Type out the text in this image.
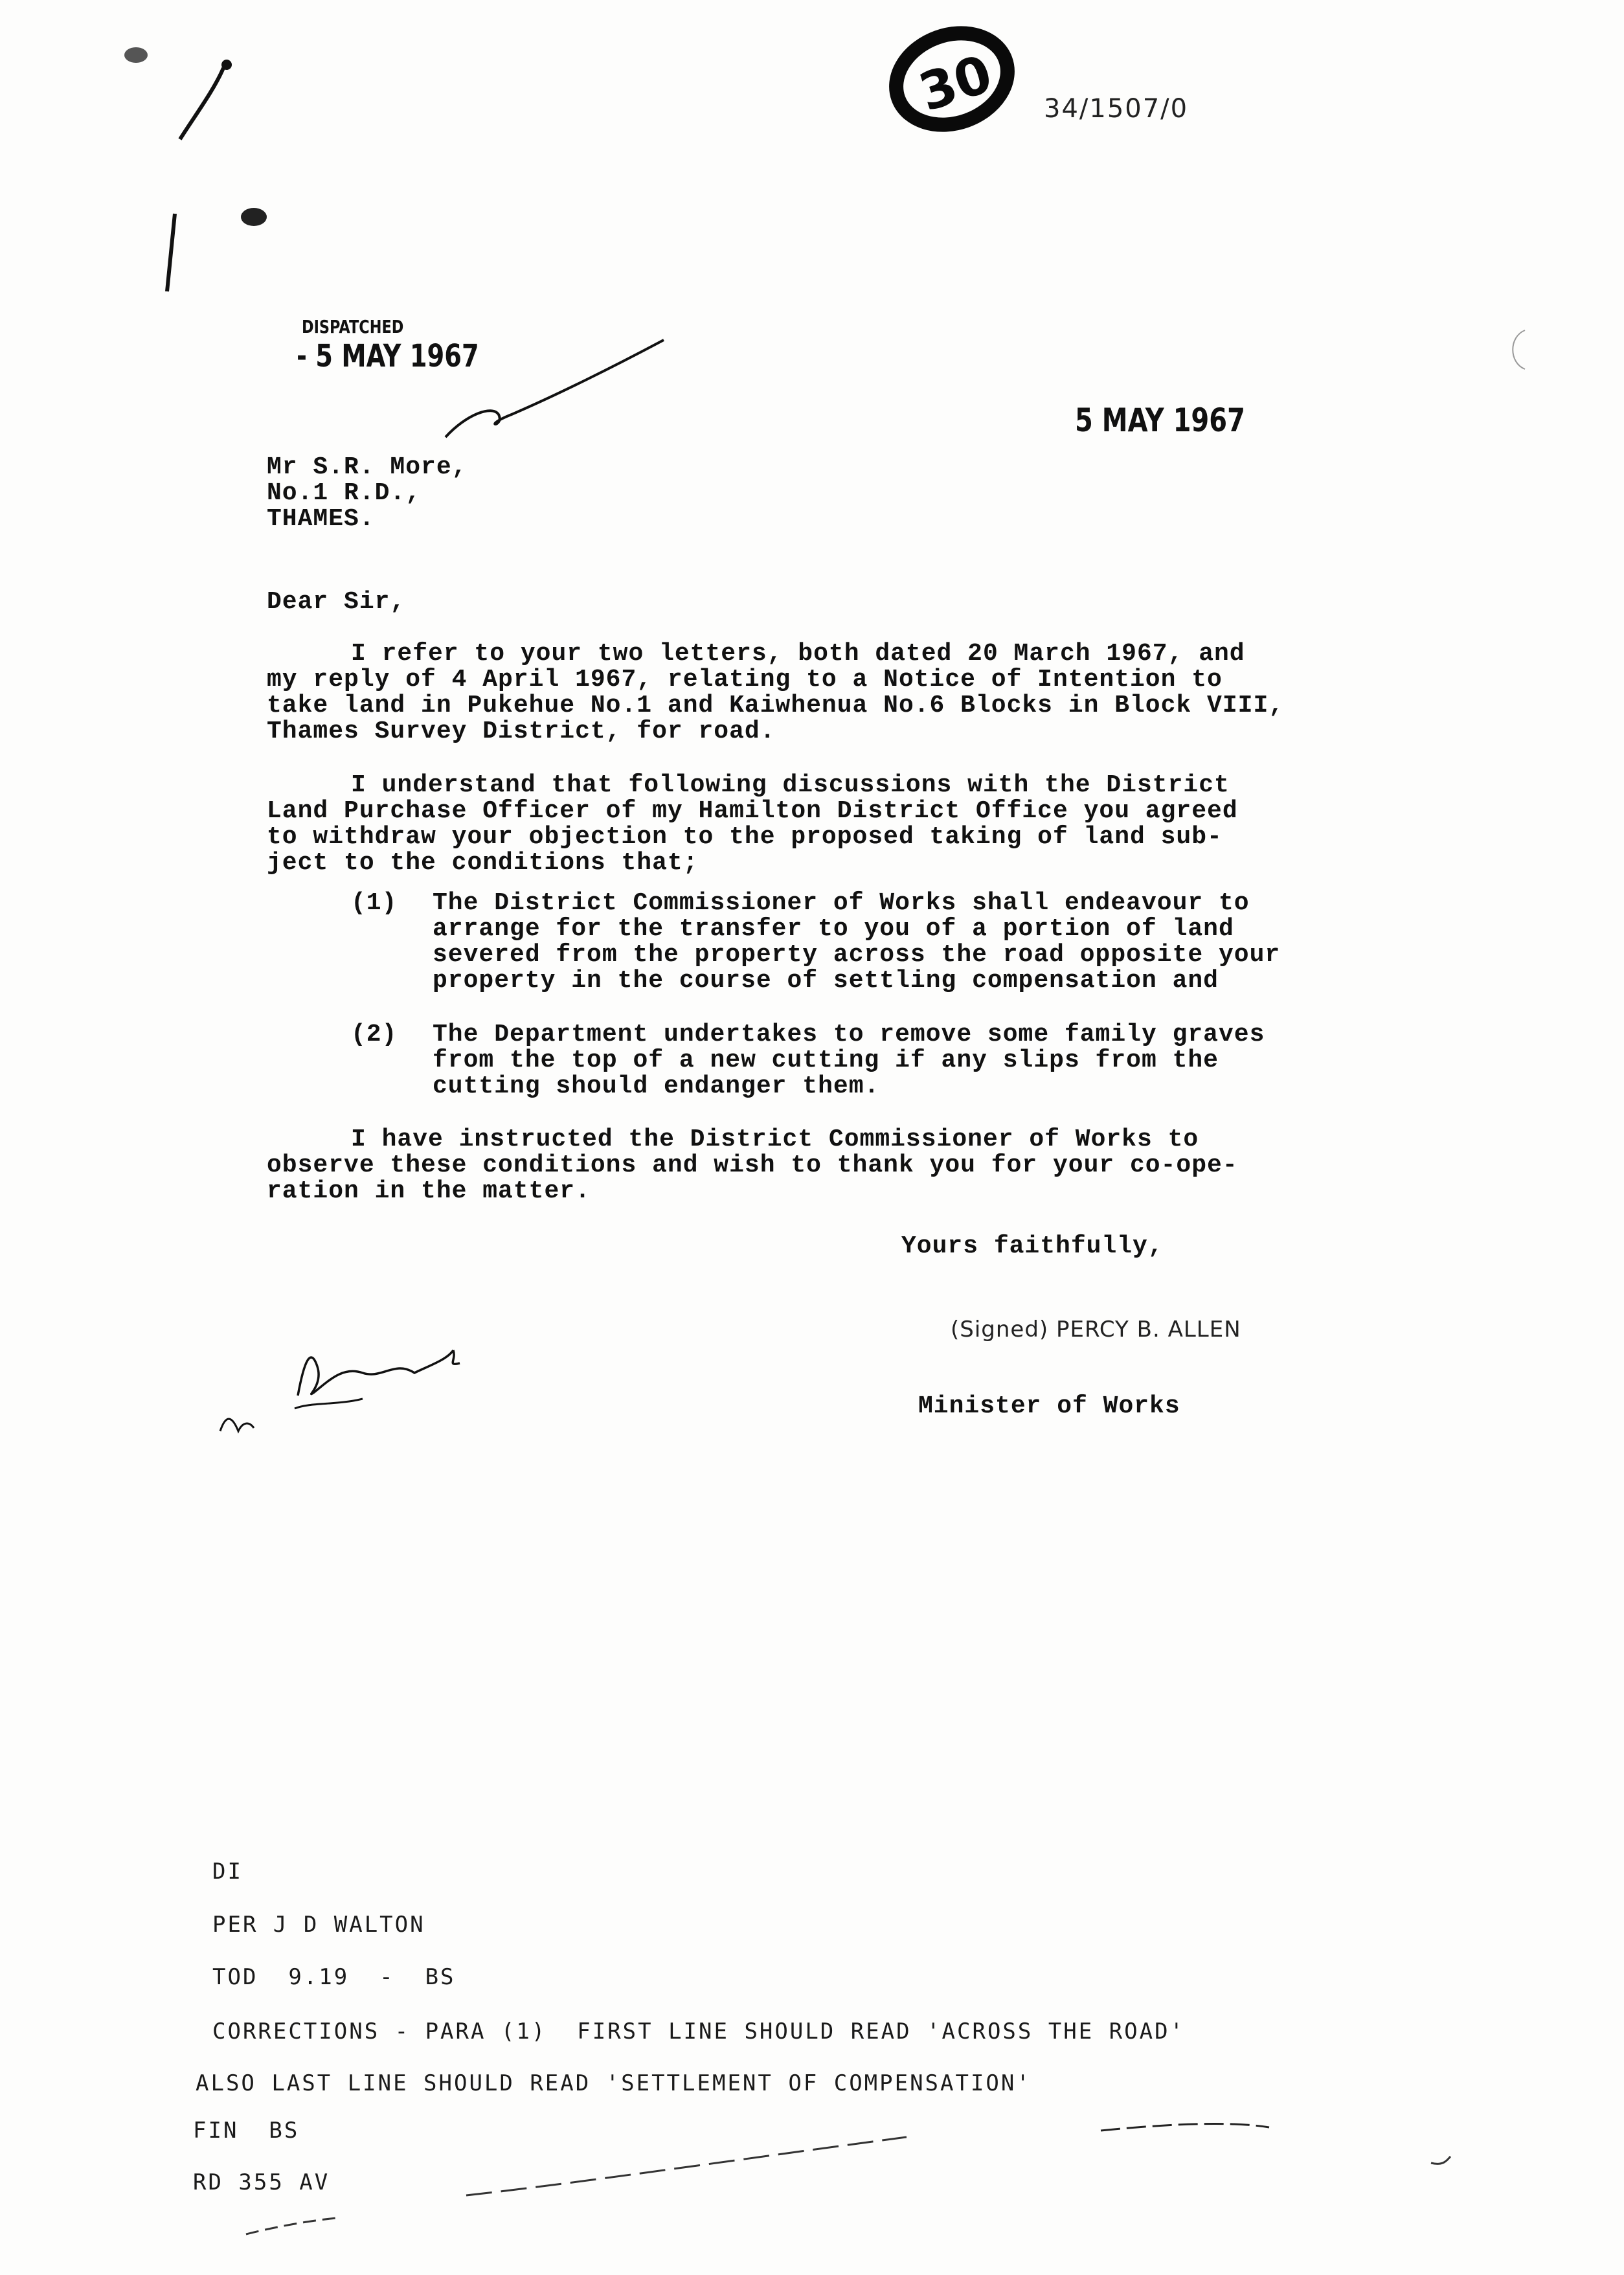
30 34/1507/0
DISPATCHED
- 5 MAY 1967
5 MAY 1967
Mr S.R. More,
No.1 R.D.,
THAMES.
Dear Sir,
I refer to your two letters, both dated 20 March 1967, and
my reply of 4 April 1967, relating to a Notice of Intention to
take land in Pukehue No.1 and Kaiwhenua No.6 Blocks in Block VIII,
Thames Survey District, for road.
I understand that following discussions with the District
Land Purchase Officer of my Hamilton District Office you agreed
to withdraw your objection to the proposed taking of land sub-
ject to the conditions that;
(1) The District Commissioner of Works shall endeavour to
arrange for the transfer to you of a portion of land
severed from the property across the road opposite your
property in the course of settling compensation and
(2) The Department undertakes to remove some family graves
from the top of a new cutting if any slips from the
cutting should endanger them.
I have instructed the District Commissioner of Works to
observe these conditions and wish to thank you for your co-ope-
ration in the matter.
Yours faithfully,
(Signed) PERCY B. ALLEN
Minister of Works
DI
PER J D WALTON
TOD  9.19  -  BS
CORRECTIONS - PARA (1)  FIRST LINE SHOULD READ 'ACROSS THE ROAD'
ALSO LAST LINE SHOULD READ 'SETTLEMENT OF COMPENSATION'
FIN  BS
RD 355 AV
